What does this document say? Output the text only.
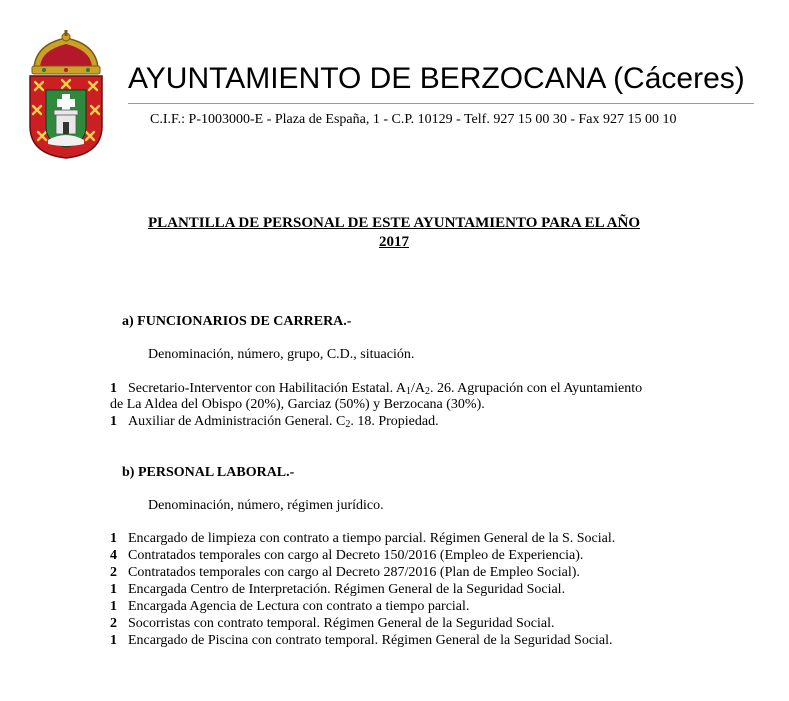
AYUNTAMIENTO DE BERZOCANA (Cáceres)
C.I.F.: P-1003000-E - Plaza de España, 1 - C.P. 10129 - Telf. 927 15 00 30 - Fax 927 15 00 10
PLANTILLA DE PERSONAL DE ESTE AYUNTAMIENTO PARA EL AÑO
2017
a) FUNCIONARIOS DE CARRERA.-
Denominación, número, grupo, C.D., situación.
1 Secretario-Interventor con Habilitación Estatal. $A_1/A_2$. 26. Agrupación con el Ayuntamiento
de La Aldea del Obispo (20%), Garciaz (50%) y Berzocana (30%).
1 Auxiliar de Administración General. $C_2$. 18. Propiedad.
b) PERSONAL LABORAL.-
Denominación, número, régimen jurídico.
1 Encargado de limpieza con contrato a tiempo parcial. Régimen General de la S. Social.
4 Contratados temporales con cargo al Decreto 150/2016 (Empleo de Experiencia).
2 Contratados temporales con cargo al Decreto 287/2016 (Plan de Empleo Social).
1 Encargada Centro de Interpretación. Régimen General de la Seguridad Social.
1 Encargada Agencia de Lectura con contrato a tiempo parcial.
2 Socorristas con contrato temporal. Régimen General de la Seguridad Social.
1 Encargado de Piscina con contrato temporal. Régimen General de la Seguridad Social.
